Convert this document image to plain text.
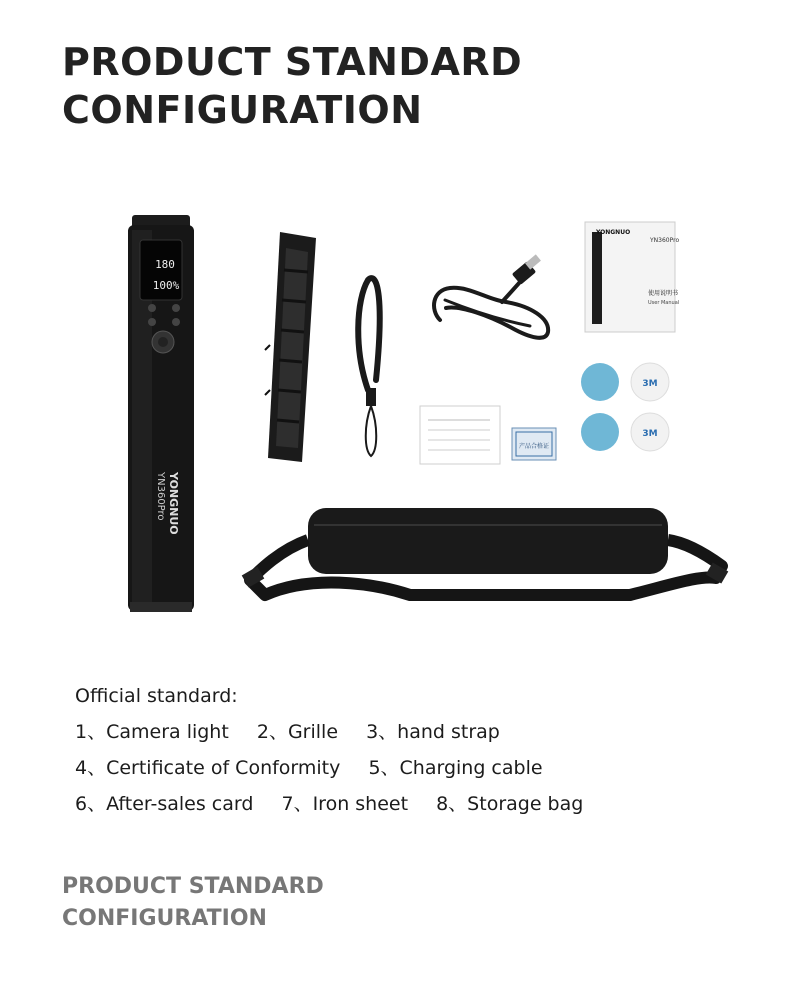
PRODUCT STANDARD
CONFIGURATION
180
100%
YONGNUO
YN360Pro
YONGNUO
YN360Pro
使用说明书
User Manual
产品合格证
3M
3M
Official standard:
1、Camera light 2、Grille 3、hand strap
4、Certificate of Conformity 5、Charging cable
6、After-sales card 7、Iron sheet 8、Storage bag
PRODUCT STANDARD
CONFIGURATION
